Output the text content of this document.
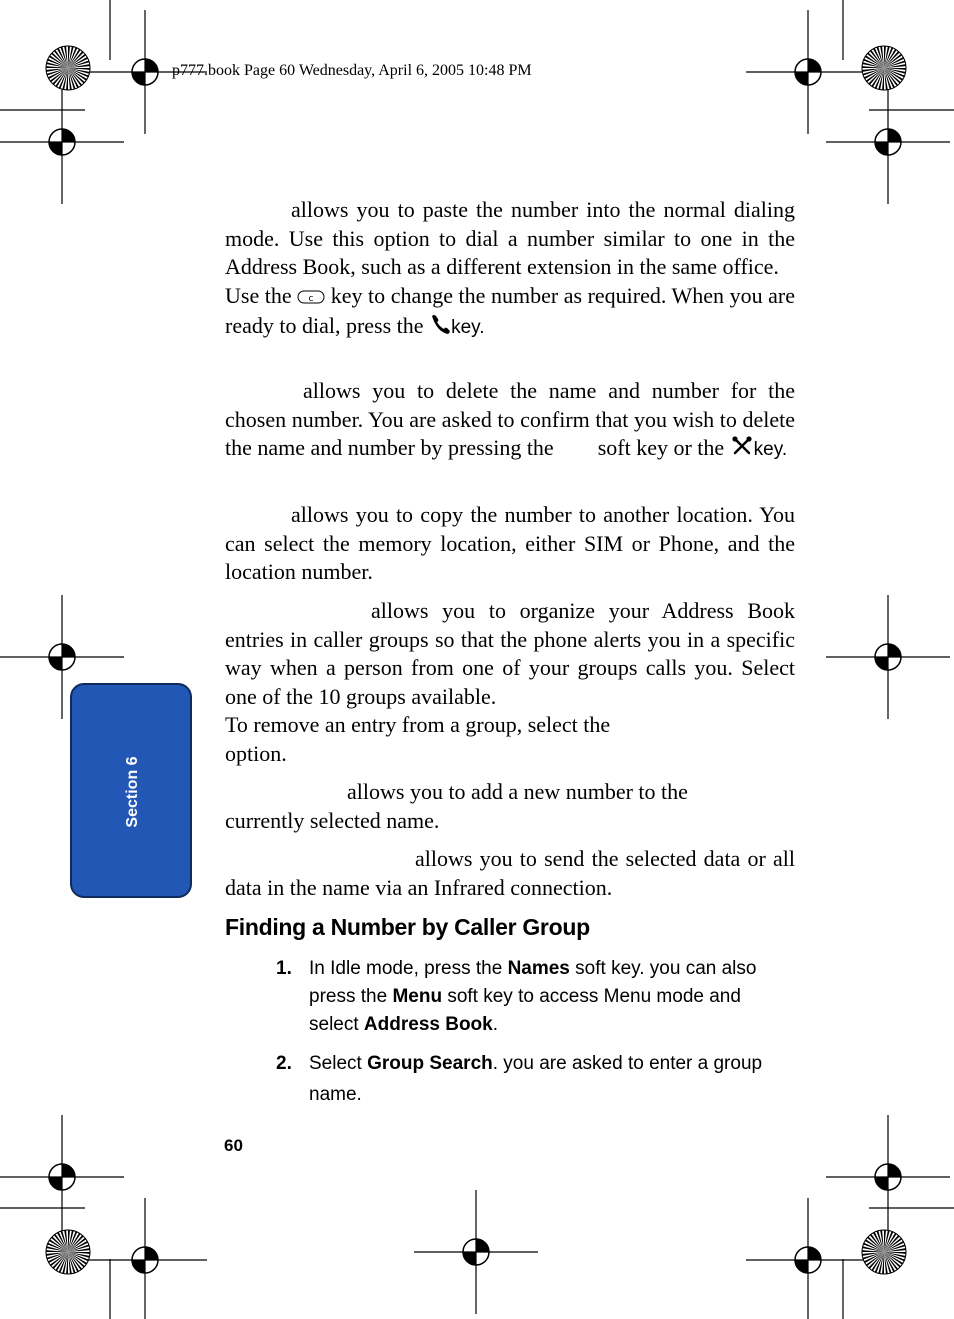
p777.book Page 60 Wednesday, April 6, 2005 10:48 PM
Section 6

allows you to paste the number into the normal dialing mode. Use this option to dial a number similar to one in the Address Book, such as a different extension in the same office.

Use the c key to change the number as required. When you are ready to dial, press the key.

allows you to delete the name and number for the chosen number. You are asked to confirm that you wish to delete the name and number by pressing the soft key or the key.

allows you to copy the number to another location. You can select the memory location, either SIM or Phone, and the location number.

allows you to organize your Address Book entries in caller groups so that the phone alerts you in a specific way when a person from one of your groups calls you. Select one of the 10 groups available.

To remove an entry from a group, select the
option.

allows you to add a new number to the currently selected name.

allows you to send the selected data or all data in the name via an Infrared connection.

Finding a Number by Caller Group
1. In Idle mode, press the Names soft key. you can also press the Menu soft key to access Menu mode and select Address Book.
2. Select Group Search. you are asked to enter a group name.
60
